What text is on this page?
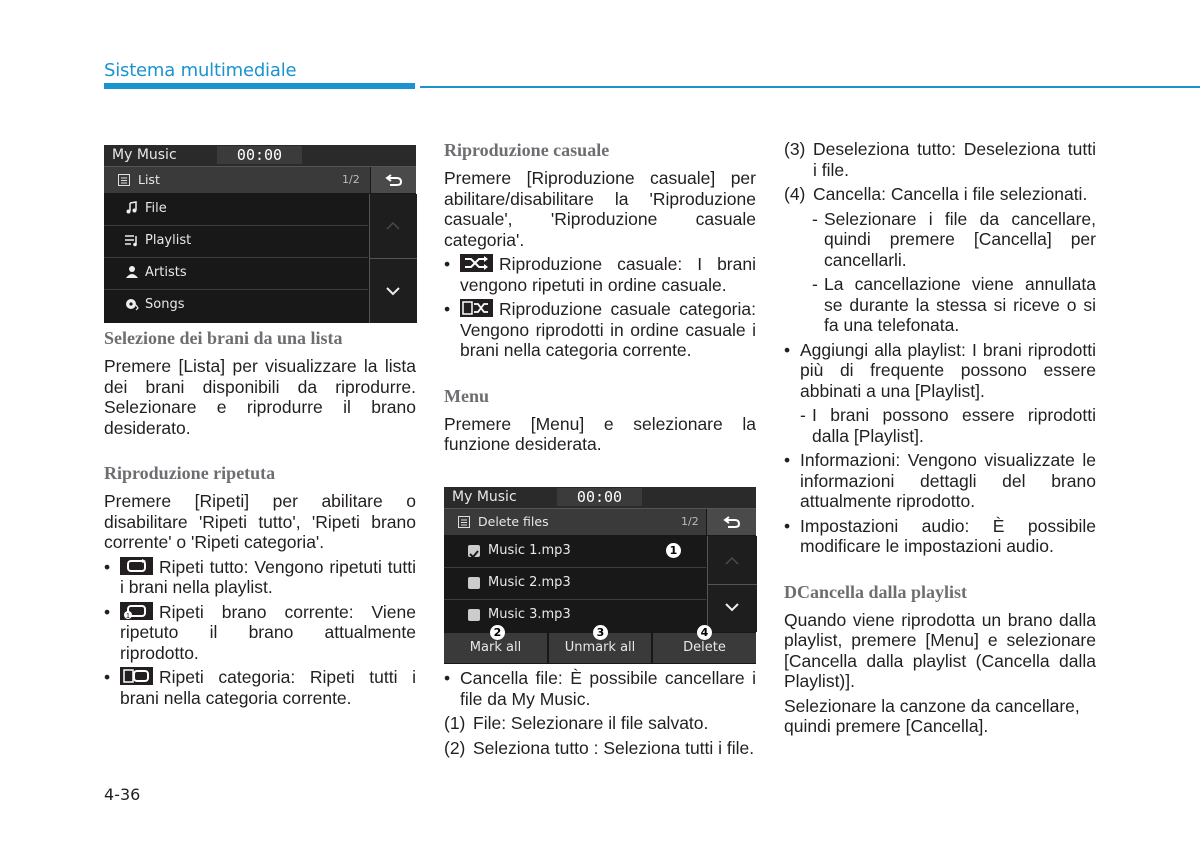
Sistema multimediale
My Music	00:00
List	1/2
File
Playlist
Artists
Songs
Selezione dei brani da una lista
Premere [Lista] per visualizzare la lista dei brani disponibili da riprodurre. Selezionare e riprodurre il brano desiderato.
Riproduzione ripetuta
Premere [Ripeti] per abilitare o disabilitare 'Ripeti tutto', 'Ripeti brano corrente' o 'Ripeti categoria'.
• Ripeti tutto: Vengono ripetuti tutti i brani nella playlist.
• 1 Ripeti brano corrente: Viene ripetuto il brano attualmente riprodotto.
• Ripeti categoria: Ripeti tutti i brani nella categoria corrente.
Riproduzione casuale
Premere [Riproduzione casuale] per abilitare/disabilitare la 'Riproduzione casuale', 'Riproduzione casuale categoria'.
• Riproduzione casuale: I brani vengono ripetuti in ordine casuale.
• Riproduzione casuale categoria: Vengono riprodotti in ordine casuale i brani nella categoria corrente.
Menu
Premere [Menu] e selezionare la funzione desiderata.
My Music	00:00
Delete files	1/2
Music 1.mp3	1
Music 2.mp3
Music 3.mp3
Mark all	Unmark all	Delete
2	3	4
• Cancella file: È possibile cancellare i file da My Music.
(1) File: Selezionare il file salvato.
(2) Seleziona tutto : Seleziona tutti i file.
(3) Deseleziona tutto: Deseleziona tutti i file.
(4) Cancella: Cancella i file selezionati.
- Selezionare i file da cancellare, quindi premere [Cancella] per cancellarli.
- La cancellazione viene annullata se durante la stessa si riceve o si fa una telefonata.
• Aggiungi alla playlist: I brani riprodotti più di frequente possono essere abbinati a una [Playlist].
- I brani possono essere riprodotti dalla [Playlist].
• Informazioni: Vengono visualizzate le informazioni dettagli del brano attualmente riprodotto.
• Impostazioni audio: È possibile modificare le impostazioni audio.
DCancella dalla playlist
Quando viene riprodotta un brano dalla playlist, premere [Menu] e selezionare [Cancella dalla playlist (Cancella dalla Playlist)].
Selezionare la canzone da cancellare, quindi premere [Cancella].
4-36
